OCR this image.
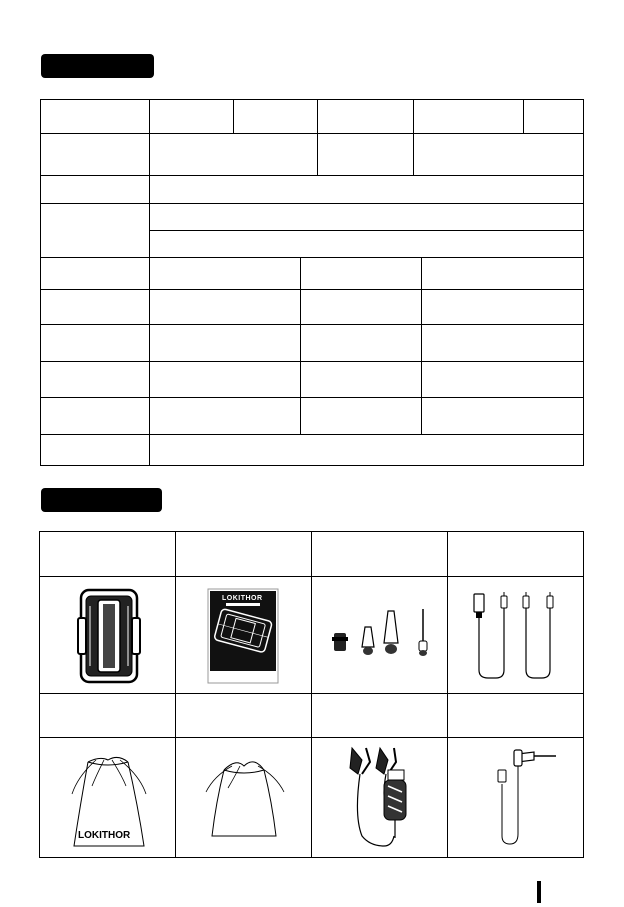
LOKITHOR
LOKITHOR
